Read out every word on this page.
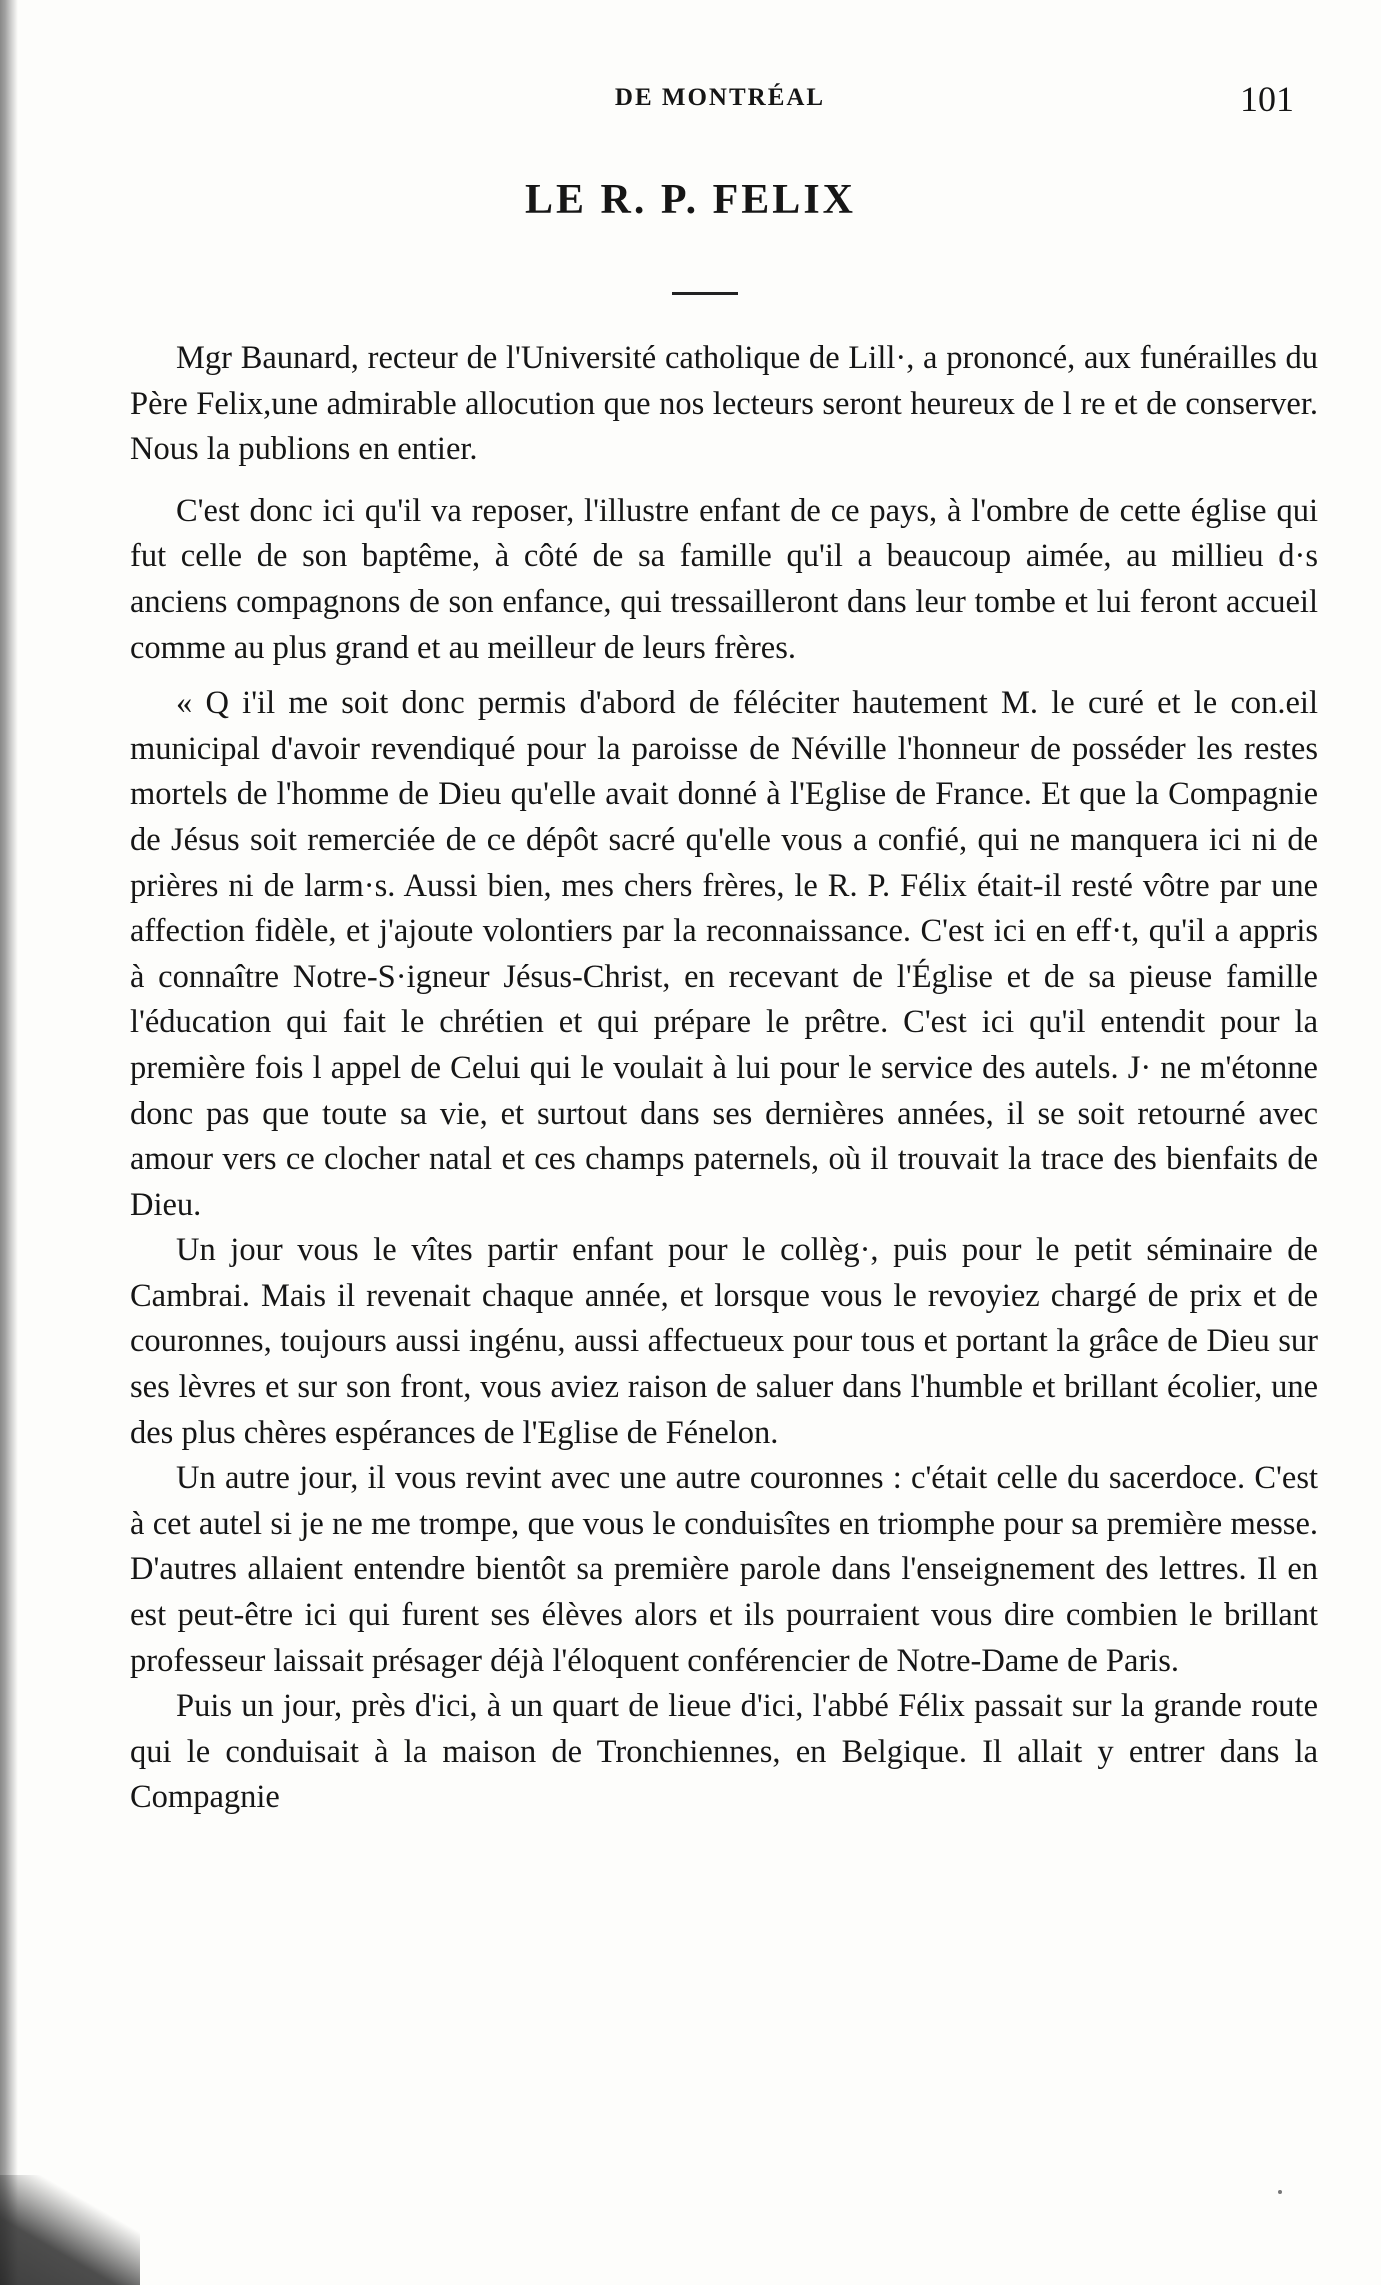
DE MONTRÉAL	101
LE R. P. FELIX

Mgr Baunard, recteur de l'Université catholique de Lill·, a prononcé, aux funérailles du Père Felix,une admirable allocution que nos lecteurs seront heureux de l re et de conserver. Nous la publions en entier.

C'est donc ici qu'il va reposer, l'illustre enfant de ce pays, à l'ombre de cette église qui fut celle de son baptême, à côté de sa famille qu'il a beaucoup aimée, au millieu d·s anciens compagnons de son enfance, qui tressailleront dans leur tombe et lui feront accueil comme au plus grand et au meilleur de leurs frères.

« Q i'il me soit donc permis d'abord de féléciter hautement M. le curé et le con.eil municipal d'avoir revendiqué pour la paroisse de Néville l'honneur de posséder les restes mortels de l'homme de Dieu qu'elle avait donné à l'Eglise de France. Et que la Compagnie de Jésus soit remerciée de ce dépôt sacré qu'elle vous a confié, qui ne manquera ici ni de prières ni de larm·s. Aussi bien, mes chers frères, le R. P. Félix était-il resté vôtre par une affection fidèle, et j'ajoute volontiers par la reconnaissance. C'est ici en eff·t, qu'il a appris à connaître Notre-S·igneur Jésus-Christ, en recevant de l'Église et de sa pieuse famille l'éducation qui fait le chrétien et qui prépare le prêtre. C'est ici qu'il entendit pour la première fois l appel de Celui qui le voulait à lui pour le service des autels. J· ne m'étonne donc pas que toute sa vie, et surtout dans ses dernières années, il se soit retourné avec amour vers ce clocher natal et ces champs paternels, où il trouvait la trace des bienfaits de Dieu.

Un jour vous le vîtes partir enfant pour le collèg·, puis pour le petit séminaire de Cambrai. Mais il revenait chaque année, et lorsque vous le revoyiez chargé de prix et de couronnes, toujours aussi ingénu, aussi affectueux pour tous et portant la grâce de Dieu sur ses lèvres et sur son front, vous aviez raison de saluer dans l'humble et brillant écolier, une des plus chères espérances de l'Eglise de Fénelon.

Un autre jour, il vous revint avec une autre couronnes : c'était celle du sacerdoce. C'est à cet autel si je ne me trompe, que vous le conduisîtes en triomphe pour sa première messe. D'autres allaient entendre bientôt sa première parole dans l'enseignement des lettres. Il en est peut-être ici qui furent ses élèves alors et ils pourraient vous dire combien le brillant professeur laissait présager déjà l'éloquent conférencier de Notre-Dame de Paris.

Puis un jour, près d'ici, à un quart de lieue d'ici, l'abbé Félix passait sur la grande route qui le conduisait à la maison de Tronchiennes, en Belgique. Il allait y entrer dans la Compagnie
